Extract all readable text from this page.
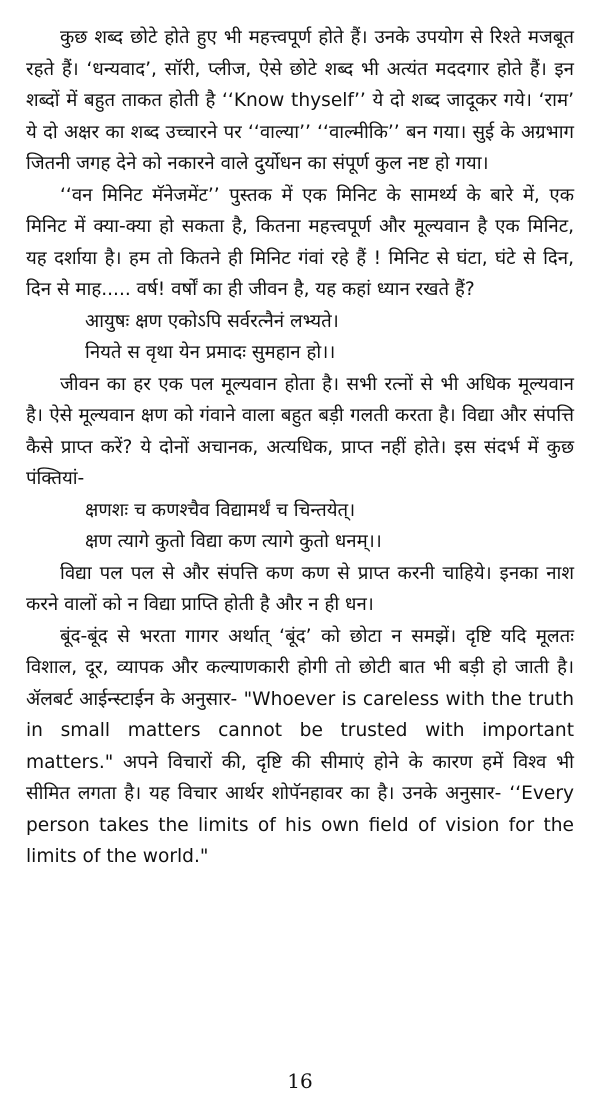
कुछ शब्द छोटे होते हुए भी महत्त्वपूर्ण होते हैं। उनके उपयोग से रिश्ते मजबूत रहते हैं। ‘धन्यवाद’, सॉरी, प्लीज, ऐसे छोटे शब्द भी अत्यंत मददगार होते हैं। इन शब्दों में बहुत ताकत होती है ‘‘Know thyself’’ ये दो शब्द जादूकर गये। ‘राम’ ये दो अक्षर का शब्द उच्चारने पर ‘‘वाल्या’’ ‘‘वाल्मीकि’’ बन गया। सुई के अग्रभाग जितनी जगह देने को नकारने वाले दुर्योधन का संपूर्ण कुल नष्ट हो गया।

‘‘वन मिनिट मॅनेजमेंट’’ पुस्तक में एक मिनिट के सामर्थ्य के बारे में, एक मिनिट में क्या-क्या हो सकता है, कितना महत्त्वपूर्ण और मूल्यवान है एक मिनिट, यह दर्शाया है। हम तो कितने ही मिनिट गंवां रहे हैं ! मिनिट से घंटा, घंटे से दिन, दिन से माह..... वर्ष! वर्षों का ही जीवन है, यह कहां ध्यान रखते हैं?

आयुषः क्षण एकोऽपि सर्वरत्नैनं लभ्यते।

नियते स वृथा येन प्रमादः सुमहान हो।।

जीवन का हर एक पल मूल्यवान होता है। सभी रत्नों से भी अधिक मूल्यवान है। ऐसे मूल्यवान क्षण को गंवाने वाला बहुत बड़ी गलती करता है। विद्या और संपत्ति कैसे प्राप्त करें? ये दोनों अचानक, अत्यधिक, प्राप्त नहीं होते। इस संदर्भ में कुछ पंक्तियां-

क्षणशः च कणश्चैव विद्यामर्थं च चिन्तयेत्।

क्षण त्यागे कुतो विद्या कण त्यागे कुतो धनम्।।

विद्या पल पल से और संपत्ति कण कण से प्राप्त करनी चाहिये। इनका नाश करने वालों को न विद्या प्राप्ति होती है और न ही धन।

बूंद-बूंद से भरता गागर अर्थात् ‘बूंद’ को छोटा न समझें। दृष्टि यदि मूलतः विशाल, दूर, व्यापक और कल्याणकारी होगी तो छोटी बात भी बड़ी हो जाती है। ॲलबर्ट आईन्स्टाईन के अनुसार- "Whoever is careless with the truth in small matters cannot be trusted with important matters." अपने विचारों की, दृष्टि की सीमाएं होने के कारण हमें विश्व भी सीमित लगता है। यह विचार आर्थर शोपॅनहावर का है। उनके अनुसार- ‘‘Every person takes the limits of his own field of vision for the limits of the world."

16
